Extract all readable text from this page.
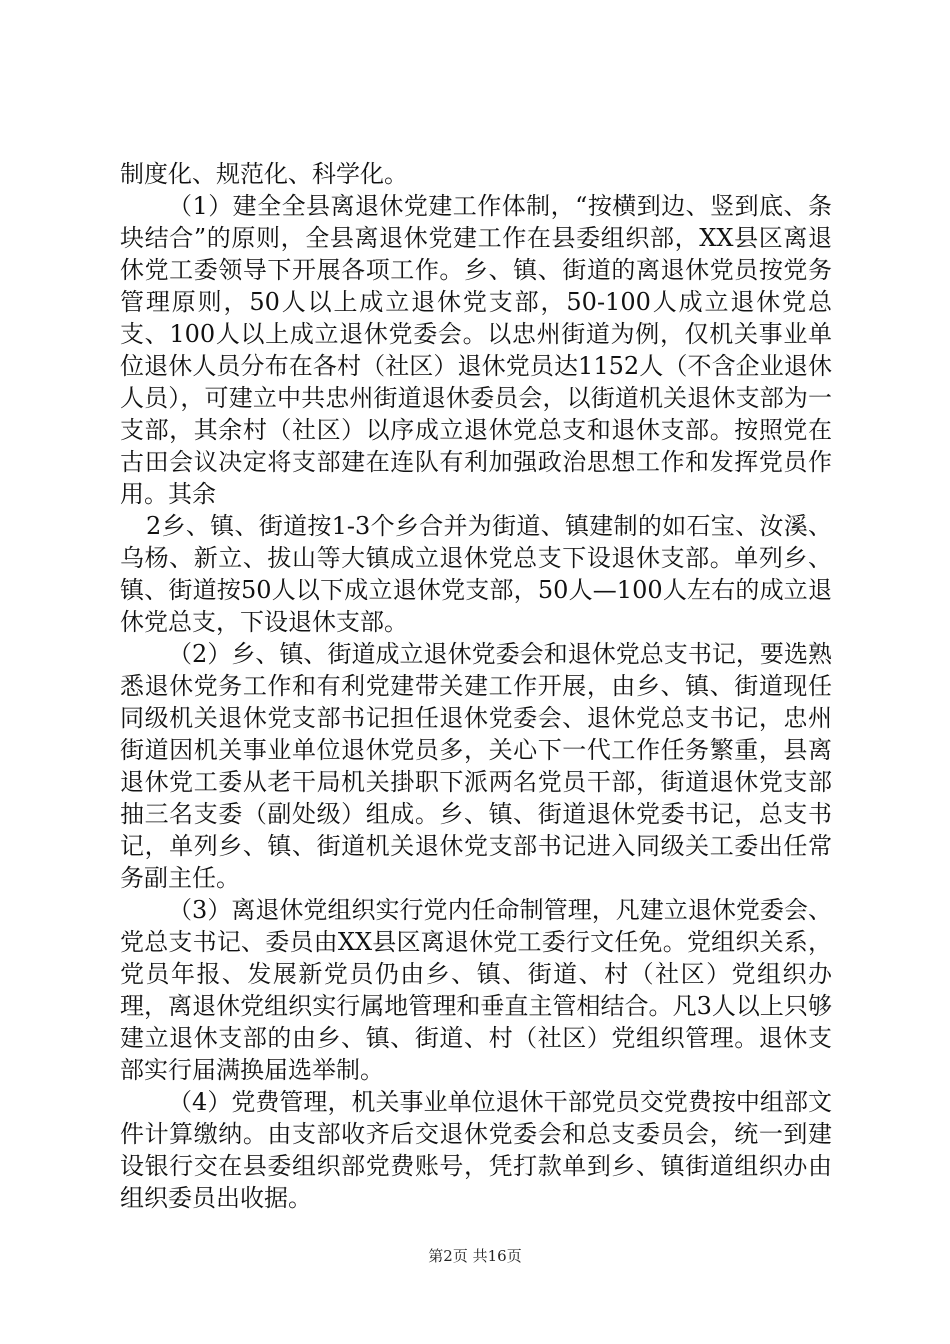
制度化、规范化、科学化。

（1）建全全县离退休党建工作体制，“按横到边、竖到底、条块结合”的原则，全县离退休党建工作在县委组织部，XX县区离退休党工委领导下开展各项工作。乡、镇、街道的离退休党员按党务管理原则，50人以上成立退休党支部，50-100人成立退休党总支、100人以上成立退休党委会。以忠州街道为例，仅机关事业单位退休人员分布在各村（社区）退休党员达1152人（不含企业退休人员），可建立中共忠州街道退休委员会，以街道机关退休支部为一支部，其余村（社区）以序成立退休党总支和退休支部。按照党在古田会议决定将支部建在连队有利加强政治思想工作和发挥党员作用。其余

2乡、镇、街道按1-3个乡合并为街道、镇建制的如石宝、汝溪、乌杨、新立、拔山等大镇成立退休党总支下设退休支部。单列乡、镇、街道按50人以下成立退休党支部，50人—100人左右的成立退休党总支，下设退休支部。

（2）乡、镇、街道成立退休党委会和退休党总支书记，要选熟悉退休党务工作和有利党建带关建工作开展，由乡、镇、街道现任同级机关退休党支部书记担任退休党委会、退休党总支书记，忠州街道因机关事业单位退休党员多，关心下一代工作任务繁重，县离退休党工委从老干局机关掛职下派两名党员干部，街道退休党支部抽三名支委（副处级）组成。乡、镇、街道退休党委书记，总支书记，单列乡、镇、街道机关退休党支部书记进入同级关工委出任常务副主任。

（3）离退休党组织实行党内任命制管理，凡建立退休党委会、党总支书记、委员由XX县区离退休党工委行文任免。党组织关系，党员年报、发展新党员仍由乡、镇、街道、村（社区）党组织办理，离退休党组织实行属地管理和垂直主管相结合。凡3人以上只够建立退休支部的由乡、镇、街道、村（社区）党组织管理。退休支部实行届满换届选举制。

（4）党费管理，机关事业单位退休干部党员交党费按中组部文件计算缴纳。由支部收齐后交退休党委会和总支委员会，统一到建设银行交在县委组织部党费账号，凭打款单到乡、镇街道组织办由组织委员出收据。

第2页 共16页
